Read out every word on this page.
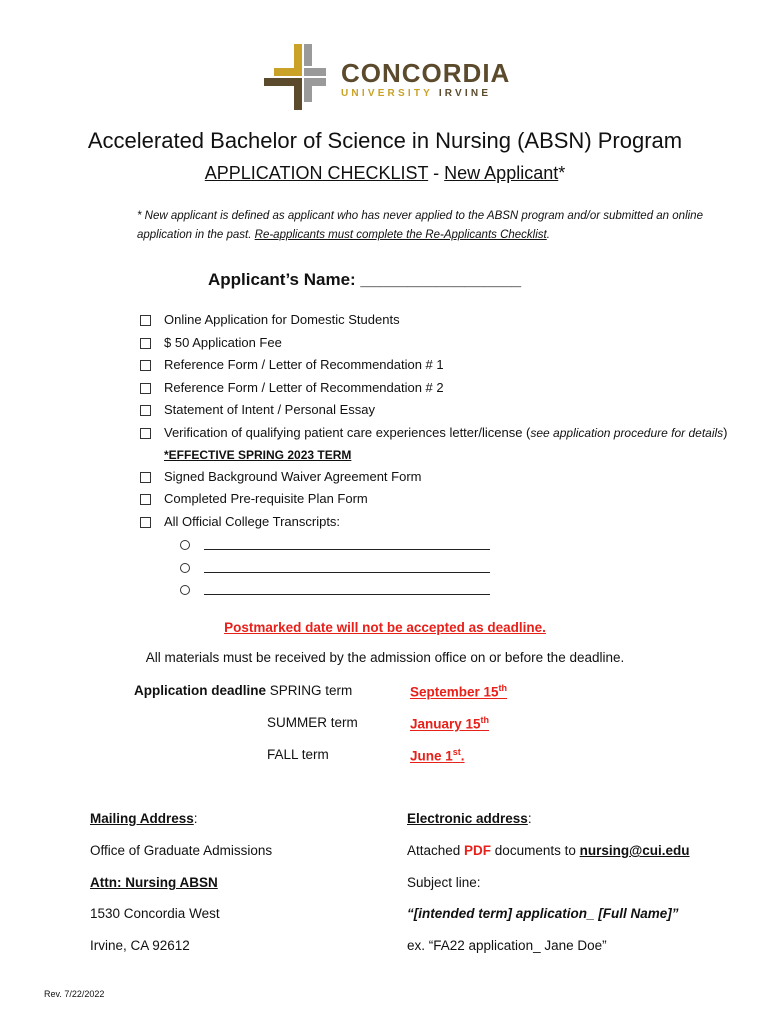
CONCORDIA
UNIVERSITY IRVINE
Accelerated Bachelor of Science in Nursing (ABSN) Program
APPLICATION CHECKLIST - New Applicant*
* New applicant is defined as applicant who has never applied to the ABSN program and/or submitted an online application in the past. Re-applicants must complete the Re-Applicants Checklist.
Applicant’s Name: _________________
Online Application for Domestic Students
$ 50 Application Fee
Reference Form / Letter of Recommendation # 1
Reference Form / Letter of Recommendation # 2
Statement of Intent / Personal Essay
Verification of qualifying patient care experiences letter/license (see application procedure for details) *EFFECTIVE SPRING 2023 TERM
Signed Background Waiver Agreement Form
Completed Pre-requisite Plan Form
All Official College Transcripts:
Postmarked date will not be accepted as deadline.
All materials must be received by the admission office on or before the deadline.
Application deadline SPRING term	September 15th
SUMMER term	January 15th
FALL term	June 1st.
Mailing Address:
Office of Graduate Admissions
Attn: Nursing ABSN
1530 Concordia West
Irvine, CA 92612
Electronic address:
Attached PDF documents to nursing@cui.edu
Subject line:
“[intended term] application_ [Full Name]”
ex. “FA22 application_ Jane Doe”
Rev. 7/22/2022
